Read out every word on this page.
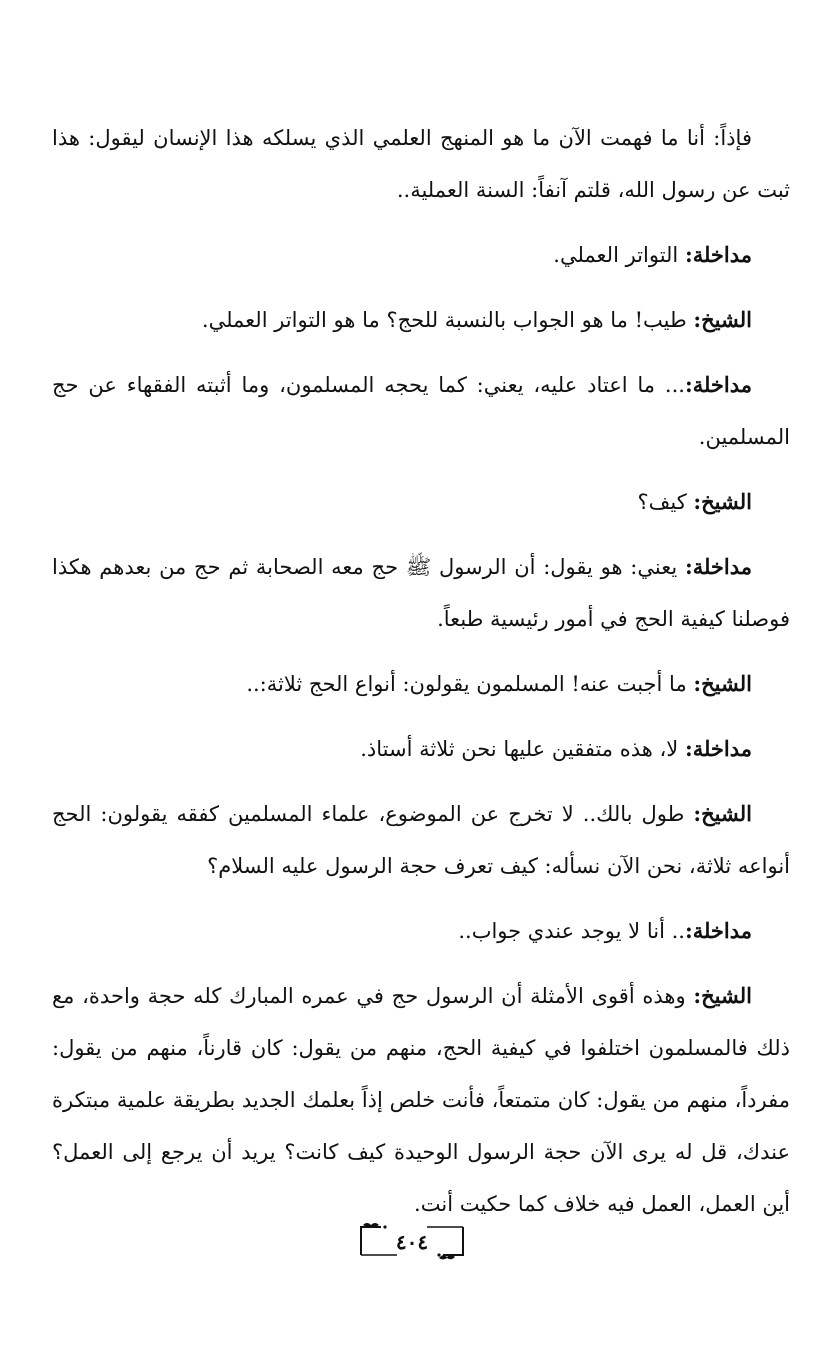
فإذاً: أنا ما فهمت الآن ما هو المنهج العلمي الذي يسلكه هذا الإنسان ليقول: هذا ثبت عن رسول الله، قلتم آنفاً: السنة العملية..

مداخلة: التواتر العملي.

الشيخ: طيب! ما هو الجواب بالنسبة للحج؟ ما هو التواتر العملي.

مداخلة:... ما اعتاد عليه، يعني: كما يحجه المسلمون، وما أثبته الفقهاء عن حج المسلمين.

الشيخ: كيف؟

مداخلة: يعني: هو يقول: أن الرسول ﷺ حج معه الصحابة ثم حج من بعدهم هكذا فوصلنا كيفية الحج في أمور رئيسية طبعاً.

الشيخ: ما أجبت عنه! المسلمون يقولون: أنواع الحج ثلاثة:..

مداخلة: لا، هذه متفقين عليها نحن ثلاثة أستاذ.

الشيخ: طول بالك.. لا تخرج عن الموضوع، علماء المسلمين كفقه يقولون: الحج أنواعه ثلاثة، نحن الآن نسأله: كيف تعرف حجة الرسول عليه السلام؟

مداخلة:.. أنا لا يوجد عندي جواب..

الشيخ: وهذه أقوى الأمثلة أن الرسول حج في عمره المبارك كله حجة واحدة، مع ذلك فالمسلمون اختلفوا في كيفية الحج، منهم من يقول: كان قارناً، منهم من يقول: مفرداً، منهم من يقول: كان متمتعاً، فأنت خلص إذاً بعلمك الجديد بطريقة علمية مبتكرة عندك، قل له يرى الآن حجة الرسول الوحيدة كيف كانت؟ يريد أن يرجع إلى العمل؟ أين العمل، العمل فيه خلاف كما حكيت أنت.

٤٠٤
